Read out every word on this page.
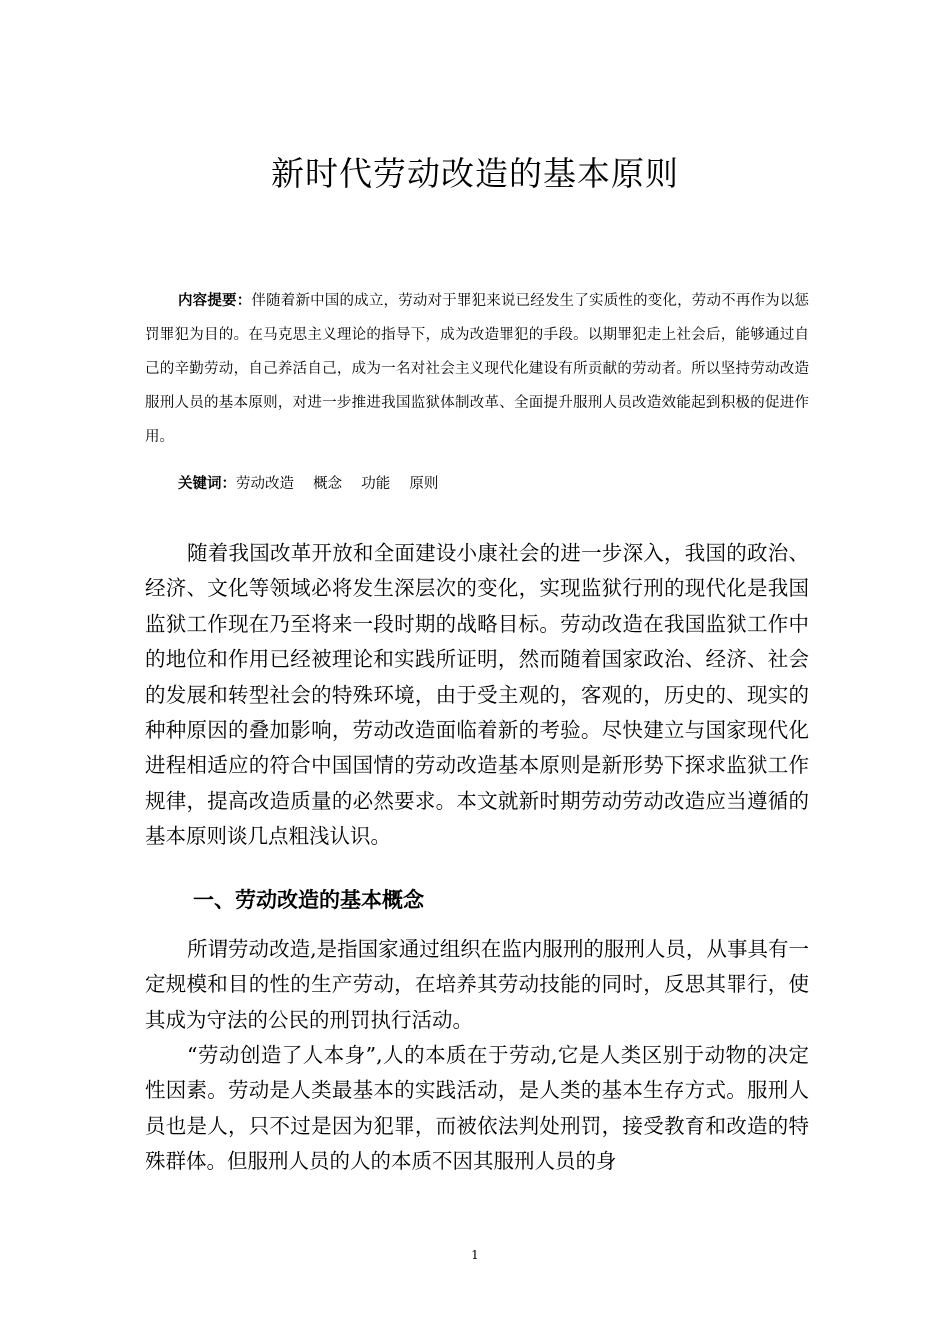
新时代劳动改造的基本原则

内容提要：伴随着新中国的成立，劳动对于罪犯来说已经发生了实质性的变化，劳动不再作为以惩罚罪犯为目的。在马克思主义理论的指导下，成为改造罪犯的手段。以期罪犯走上社会后，能够通过自己的辛勤劳动，自己养活自己，成为一名对社会主义现代化建设有所贡献的劳动者。所以坚持劳动改造服刑人员的基本原则，对进一步推进我国监狱体制改革、全面提升服刑人员改造效能起到积极的促进作用。

关键词：劳动改造　 概念　 功能　 原则

随着我国改革开放和全面建设小康社会的进一步深入，我国的政治、经济、文化等领域必将发生深层次的变化，实现监狱行刑的现代化是我国监狱工作现在乃至将来一段时期的战略目标。劳动改造在我国监狱工作中的地位和作用已经被理论和实践所证明，然而随着国家政治、经济、社会的发展和转型社会的特殊环境，由于受主观的，客观的，历史的、现实的种种原因的叠加影响，劳动改造面临着新的考验。尽快建立与国家现代化进程相适应的符合中国国情的劳动改造基本原则是新形势下探求监狱工作规律，提高改造质量的必然要求。本文就新时期劳动劳动改造应当遵循的基本原则谈几点粗浅认识。

一、劳动改造的基本概念

所谓劳动改造,是指国家通过组织在监内服刑的服刑人员，从事具有一定规模和目的性的生产劳动，在培养其劳动技能的同时，反思其罪行，使其成为守法的公民的刑罚执行活动。

“劳动创造了人本身”,人的本质在于劳动,它是人类区别于动物的决定性因素。劳动是人类最基本的实践活动，是人类的基本生存方式。服刑人员也是人，只不过是因为犯罪，而被依法判处刑罚，接受教育和改造的特殊群体。但服刑人员的人的本质不因其服刑人员的身

1
